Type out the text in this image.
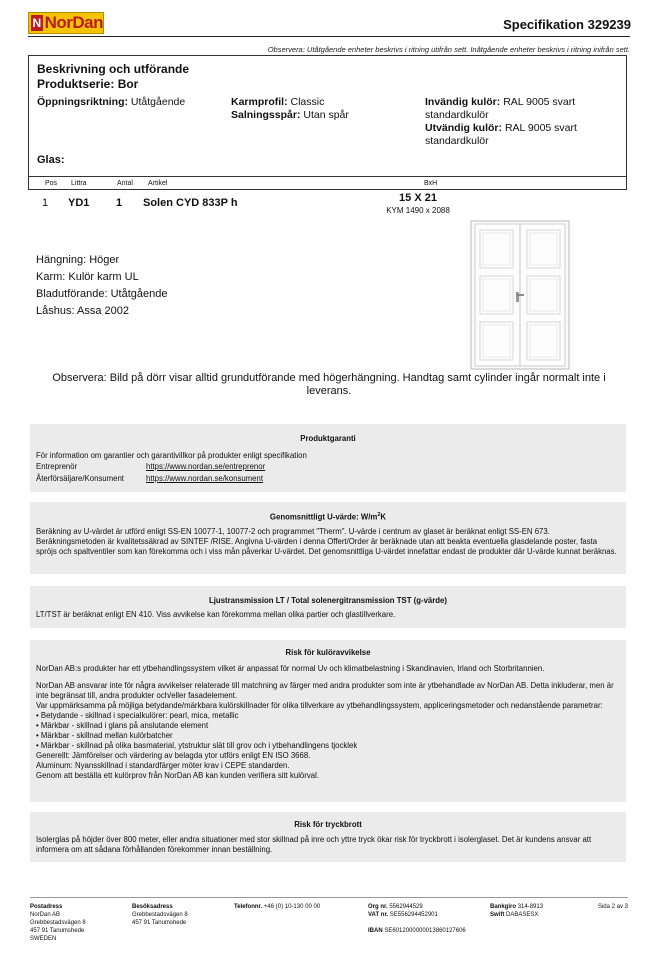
N NorDan	Specifikation 329239
Observera: Utåtgående enheter beskrivs i ritning utifrån sett. Inåtgående enheter beskrivs i ritning inifrån sett.
Beskrivning och utförande
Produktserie: Bor
Öppningsriktning: Utåtgående	Karmprofil: Classic
Salningsspår: Utan spår
Invändig kulör: RAL 9005 svart
standardkulör
Utvändig kulör: RAL 9005 svart
standardkulör
Glas:
Pos Littra	Antal Artikel	BxH
1 YD1 1 Solen CYD 833P h	15 X 21
KYM 1490 x 2088
Hängning: Höger
Karm: Kulör karm UL
Bladutförande: Utåtgående
Låshus: Assa 2002
Observera: Bild på dörr visar alltid grundutförande med högerhängning. Handtag samt cylinder ingår normalt inte i leverans.
Produktgaranti
För information om garantier och garantivillkor på produkter enligt specifikation
Entreprenör	https://www.nordan.se/entreprenor
Återförsäljare/Konsument	https://www.nordan.se/konsument
Genomsnittligt U-värde: $W/m^2K$
Beräkning av U-värdet är utförd enligt SS-EN 10077-1, 10077-2 och programmet "Therm". U-värde i centrum av glaset är beräknat enligt SS-EN 673. Beräkningsmetoden är kvalitetssäkrad av SINTEF /RISE. Angivna U-värden i denna Offert/Order är beräknade utan att beakta eventuella glasdelande poster, fasta spröjs och spaltventiler som kan förekomma och i viss mån påverkar U-värdet. Det genomsnittliga U-värdet innefattar endast de produkter där U-värde kunnat beräknas.
Ljustransmission LT / Total solenergitransmission TST (g-värde)
LT/TST är beräknat enligt EN 410. Viss avvikelse kan förekomma mellan olika partier och glastillverkare.
Risk för kulöravvikelse
NorDan AB:s produkter har ett ytbehandlingssystem vilket är anpassat för normal Uv och klimatbelastning i Skandinavien, Irland och Storbritannien.
NorDan AB ansvarar inte för några avvikelser relaterade till matchning av färger med andra produkter som inte är ytbehandlade av NorDan AB. Detta inkluderar, men är inte begränsat till, andra produkter och/eller fasadelement.
Var uppmärksamma på möjliga betydande/märkbara kulörskillnader för olika tillverkare av ytbehandlingssystem, appliceringsmetoder och nedanstående parametrar:
• Betydande - skillnad i specialkulörer: pearl, mica, metallic
• Märkbar - skillnad i glans på anslutande element
• Märkbar - skillnad mellan kulörbatcher
• Märkbar - skillnad på olika basmaterial, ytstruktur slät till grov och i ytbehandlingens tjocklek
Generellt: Jämförelser och värdering av belagda ytor utförs enligt EN ISO 3668.
Aluminum: Nyansskillnad i standardfärger möter krav i CEPE standarden.
Genom att beställa ett kulörprov från NorDan AB kan kunden verifiera sitt kulörval.
Risk för tryckbrott
Isolerglas på höjder över 800 meter, eller andra situationer med stor skillnad på inre och yttre tryck ökar risk för tryckbrott i isolerglaset. Det är kundens ansvar att informera om att sådana förhållanden förekommer innan beställning.
Postadress
NorDan AB
Grebbestadsvägen 8
457 91 Tanumshede
SWEDEN
Besöksadress
Grebbestadsvägen 8
457 91 Tanumshede
Telefonnr. +46 (0) 10-130 00 00	Org nr. 5562944529
VAT nr. SE556294452901

IBAN SE6012000000013860127606
Bankgiro 314-8913
Swift DABASESX
Sida 2 av 3
